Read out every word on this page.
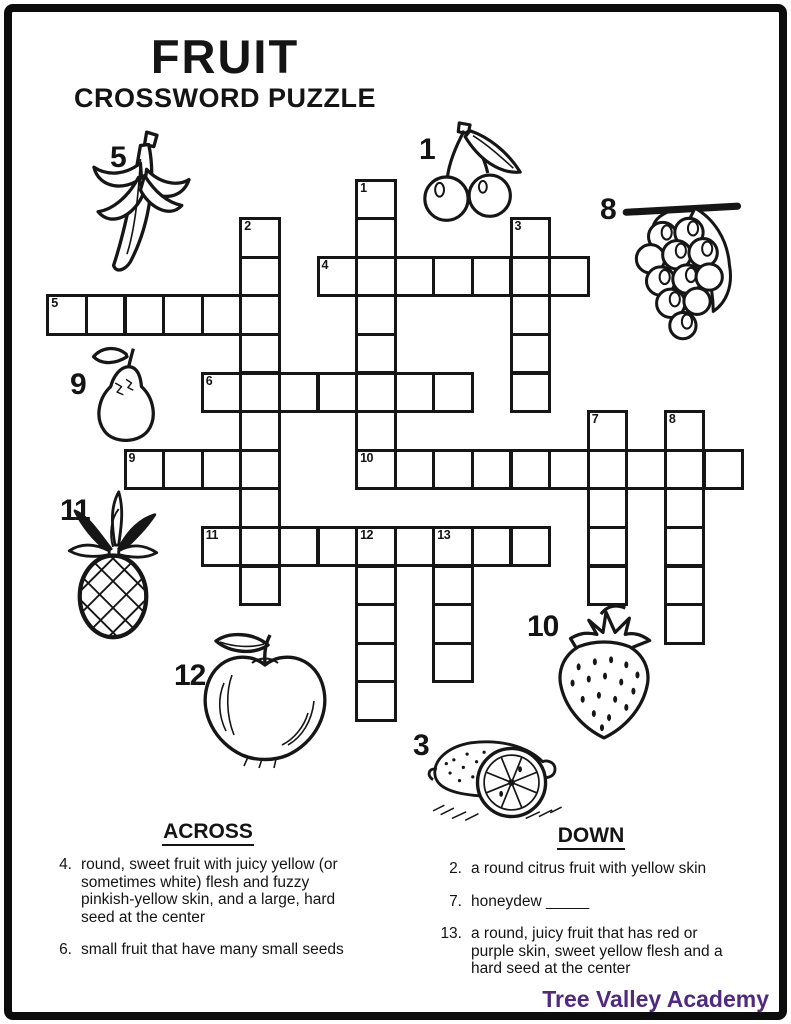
FRUIT
CROSSWORD PUZZLE
1
10
2	3
4
5
6
7	8
9
11	12	13
5	1
8
9
11
12
10
3
ACROSS
4. round, sweet fruit with juicy yellow (or sometimes white) flesh and fuzzy pinkish-yellow skin, and a large, hard seed at the center
6. small fruit that have many small seeds
DOWN
2. a round citrus fruit with yellow skin
7. honeydew _____
13. a round, juicy fruit that has red or purple skin, sweet yellow flesh and a hard seed at the center
Tree Valley Academy
